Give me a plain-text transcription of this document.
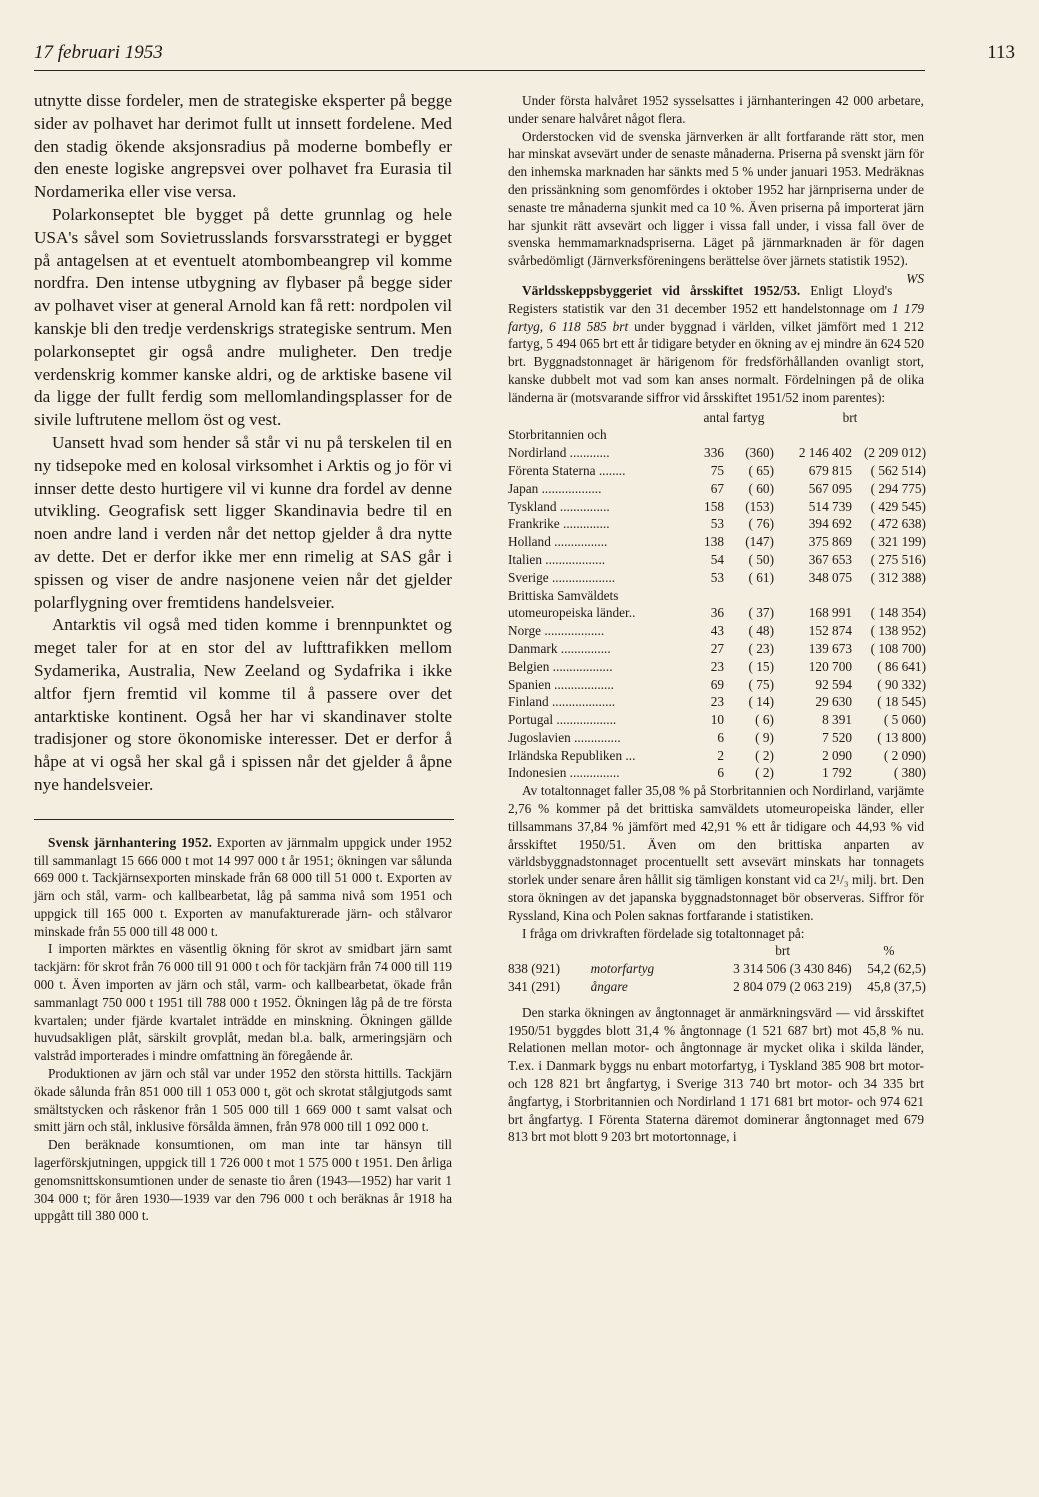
17 februari 1953	113

utnytte disse fordeler, men de strategiske eksperter på begge sider av polhavet har derimot fullt ut innsett fordelene. Med den stadig ökende aksjonsradius på moderne bombefly er den eneste logiske angrepsvei over polhavet fra Eurasia til Nordamerika eller vise versa.

Polarkonseptet ble bygget på dette grunnlag og hele USA's såvel som Sovietrusslands forsvarsstrategi er bygget på antagelsen at et eventuelt atombombeangrep vil komme nordfra. Den intense utbygning av flybaser på begge sider av polhavet viser at general Arnold kan få rett: nordpolen vil kanskje bli den tredje verdenskrigs strategiske sentrum. Men polarkonseptet gir også andre muligheter. Den tredje verdenskrig kommer kanske aldri, og de arktiske basene vil da ligge der fullt ferdig som mellomlandingsplasser for de sivile luftrutene mellom öst og vest.

Uansett hvad som hender så står vi nu på terskelen til en ny tidsepoke med en kolosal virksomhet i Arktis og jo för vi innser dette desto hurtigere vil vi kunne dra fordel av denne utvikling. Geografisk sett ligger Skandinavia bedre til en noen andre land i verden når det nettop gjelder å dra nytte av dette. Det er derfor ikke mer enn rimelig at SAS går i spissen og viser de andre nasjonene veien når det gjelder polarflygning over fremtidens handelsveier.

Antarktis vil også med tiden komme i brennpunktet og meget taler for at en stor del av lufttrafikken mellom Sydamerika, Australia, New Zeeland og Sydafrika i ikke altfor fjern fremtid vil komme til å passere over det antarktiske kontinent. Også her har vi skandinaver stolte tradisjoner og store ökonomiske interesser. Det er derfor å håpe at vi også her skal gå i spissen når det gjelder å åpne nye handelsveier.

Svensk järnhantering 1952. Exporten av järnmalm uppgick under 1952 till sammanlagt 15 666 000 t mot 14 997 000 t år 1951; ökningen var sålunda 669 000 t. Tackjärnsexporten minskade från 68 000 till 51 000 t. Exporten av järn och stål, varm- och kallbearbetat, låg på samma nivå som 1951 och uppgick till 165 000 t. Exporten av manufakturerade järn- och stålvaror minskade från 55 000 till 48 000 t.

I importen märktes en väsentlig ökning för skrot av smidbart järn samt tackjärn: för skrot från 76 000 till 91 000 t och för tackjärn från 74 000 till 119 000 t. Även importen av järn och stål, varm- och kallbearbetat, ökade från sammanlagt 750 000 t 1951 till 788 000 t 1952. Ökningen låg på de tre första kvartalen; under fjärde kvartalet inträdde en minskning. Ökningen gällde huvudsakligen plåt, särskilt grovplåt, medan bl.a. balk, armeringsjärn och valstråd importerades i mindre omfattning än föregående år.

Produktionen av järn och stål var under 1952 den största hittills. Tackjärn ökade sålunda från 851 000 till 1 053 000 t, göt och skrotat stålgjutgods samt smältstycken och råskenor från 1 505 000 till 1 669 000 t samt valsat och smitt järn och stål, inklusive försålda ämnen, från 978 000 till 1 092 000 t.

Den beräknade konsumtionen, om man inte tar hänsyn till lagerförskjutningen, uppgick till 1 726 000 t mot 1 575 000 t 1951. Den årliga genomsnittskonsumtionen under de senaste tio åren (1943—1952) har varit 1 304 000 t; för åren 1930—1939 var den 796 000 t och beräknas år 1918 ha uppgått till 380 000 t.

Under första halvåret 1952 sysselsattes i järnhanteringen 42 000 arbetare, under senare halvåret något flera.

Orderstocken vid de svenska järnverken är allt fortfarande rätt stor, men har minskat avsevärt under de senaste månaderna. Priserna på svenskt järn för den inhemska marknaden har sänkts med 5 % under januari 1953. Medräknas den prissänkning som genomfördes i oktober 1952 har järnpriserna under de senaste tre månaderna sjunkit med ca 10 %. Även priserna på importerat järn har sjunkit rätt avsevärt och ligger i vissa fall under, i vissa fall över de svenska hemmamarknadspriserna. Läget på järnmarknaden är för dagen svårbedömligt (Järnverksföreningens berättelse över järnets statistik 1952).
WS

Världsskeppsbyggeriet vid årsskiftet 1952/53. Enligt Lloyd's Registers statistik var den 31 december 1952 ett handelstonnage om 1 179 fartyg, 6 118 585 brt under byggnad i världen, vilket jämfört med 1 212 fartyg, 5 494 065 brt ett år tidigare betyder en ökning av ej mindre än 624 520 brt. Byggnadstonnaget är härigenom för fredsförhållanden ovanligt stort, kanske dubbelt mot vad som kan anses normalt. Fördelningen på de olika länderna är (motsvarande siffror vid årsskiftet 1951/52 inom parentes):

	antal fartyg		brt	
Storbritannien och				
Nordirland ............	336	(360)	2 146 402	(2 209 012)
Förenta Staterna ........	75	( 65)	679 815	( 562 514)
Japan ..................	67	( 60)	567 095	( 294 775)
Tyskland ...............	158	(153)	514 739	( 429 545)
Frankrike ..............	53	( 76)	394 692	( 472 638)
Holland ................	138	(147)	375 869	( 321 199)
Italien ..................	54	( 50)	367 653	( 275 516)
Sverige ...................	53	( 61)	348 075	( 312 388)
Brittiska Samväldets				
utomeuropeiska länder..	36	( 37)	168 991	( 148 354)
Norge ..................	43	( 48)	152 874	( 138 952)
Danmark ...............	27	( 23)	139 673	( 108 700)
Belgien ..................	23	( 15)	120 700	( 86 641)
Spanien ..................	69	( 75)	92 594	( 90 332)
Finland ...................	23	( 14)	29 630	( 18 545)
Portugal ..................	10	( 6)	8 391	( 5 060)
Jugoslavien ..............	6	( 9)	7 520	( 13 800)
Irländska Republiken ...	2	( 2)	2 090	( 2 090)
Indonesien ...............	6	( 2)	1 792	( 380)

Av totaltonnaget faller 35,08 % på Storbritannien och Nordirland, varjämte 2,76 % kommer på det brittiska samväldets utomeuropeiska länder, eller tillsammans 37,84 % jämfört med 42,91 % ett år tidigare och 44,93 % vid årsskiftet 1950/51. Även om den brittiska anparten av världsbyggnadstonnaget procentuellt sett avsevärt minskats har tonnagets storlek under senare åren hållit sig tämligen konstant vid ca 2¹/₃ milj. brt. Den stora ökningen av det japanska byggnadstonnaget bör observeras. Siffror för Ryssland, Kina och Polen saknas fortfarande i statistiken.

I fråga om drivkraften fördelade sig totaltonnaget på:

		brt	%
838 (921)	motorfartyg	3 314 506 (3 430 846)	54,2 (62,5)
341 (291)	ångare	2 804 079 (2 063 219)	45,8 (37,5)

Den starka ökningen av ångtonnaget är anmärkningsvärd — vid årsskiftet 1950/51 byggdes blott 31,4 % ångtonnage (1 521 687 brt) mot 45,8 % nu. Relationen mellan motor- och ångtonnage är mycket olika i skilda länder, T.ex. i Danmark byggs nu enbart motorfartyg, i Tyskland 385 908 brt motor- och 128 821 brt ångfartyg, i Sverige 313 740 brt motor- och 34 335 brt ångfartyg, i Storbritannien och Nordirland 1 171 681 brt motor- och 974 621 brt ångfartyg. I Förenta Staterna däremot dominerar ångtonnaget med 679 813 brt mot blott 9 203 brt motortonnage, i
